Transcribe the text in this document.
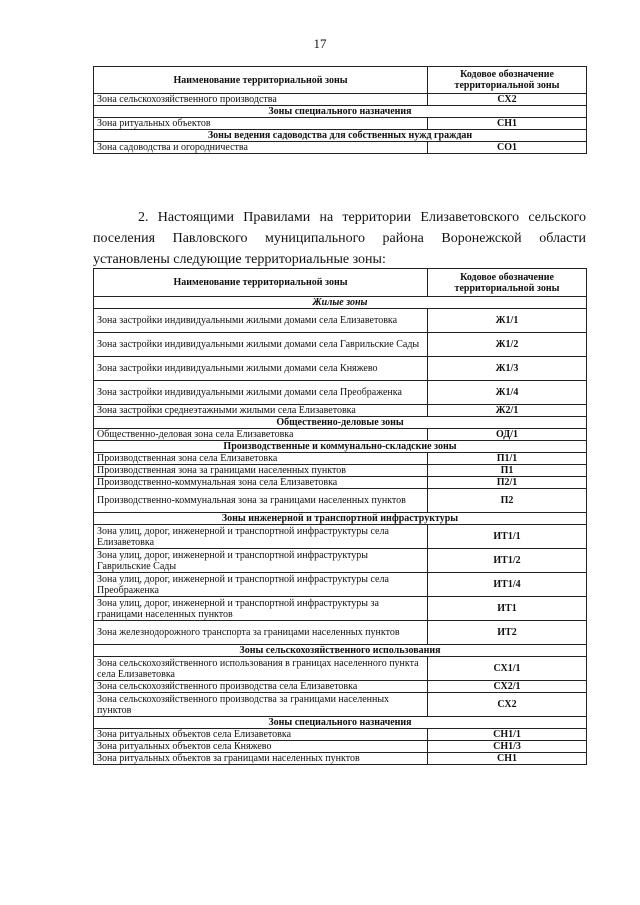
17
Наименование территориальной зоны	Кодовое обозначение территориальной зоны
Зона сельскохозяйственного производства	СХ2
Зоны специального назначения	
Зона ритуальных объектов	СН1
Зоны ведения садоводства для собственных нужд граждан	
Зона садоводства и огородничества	СО1

2. Настоящими Правилами на территории Елизаветовского сельского поселения Павловского муниципального района Воронежской области установлены следующие территориальные зоны:

Наименование территориальной зоны	Кодовое обозначение территориальной зоны
Жилые зоны	
Зона застройки индивидуальными жилыми домами села Елизаветовка	Ж1/1
Зона застройки индивидуальными жилыми домами села Гаврильские Сады	Ж1/2
Зона застройки индивидуальными жилыми домами села Княжево	Ж1/3
Зона застройки индивидуальными жилыми домами села Преображенка	Ж1/4
Зона застройки среднеэтажными жилыми села Елизаветовка	Ж2/1
Общественно-деловые зоны	
Общественно-деловая зона села Елизаветовка	ОД/1
Производственные и коммунально-складские зоны	
Производственная зона села Елизаветовка	П1/1
Производственная зона за границами населенных пунктов	П1
Производственно-коммунальная зона села Елизаветовка	П2/1
Производственно-коммунальная зона за границами населенных пунктов	П2
Зоны инженерной и транспортной инфраструктуры	
Зона улиц, дорог, инженерной и транспортной инфраструктуры села Елизаветовка	ИТ1/1
Зона улиц, дорог, инженерной и транспортной инфраструктуры Гаврильские Сады	ИТ1/2
Зона улиц, дорог, инженерной и транспортной инфраструктуры села Преображенка	ИТ1/4
Зона улиц, дорог, инженерной и транспортной инфраструктуры за границами населенных пунктов	ИТ1
Зона железнодорожного транспорта за границами населенных пунктов	ИТ2
Зоны сельскохозяйственного использования	
Зона сельскохозяйственного использования в границах населенного пункта села Елизаветовка	СХ1/1
Зона сельскохозяйственного производства села Елизаветовка	СХ2/1
Зона сельскохозяйственного производства за границами населенных пунктов	СХ2
Зоны специального назначения	
Зона ритуальных объектов села Елизаветовка	СН1/1
Зона ритуальных объектов села Княжево	СН1/3
Зона ритуальных объектов за границами населенных пунктов	СН1
